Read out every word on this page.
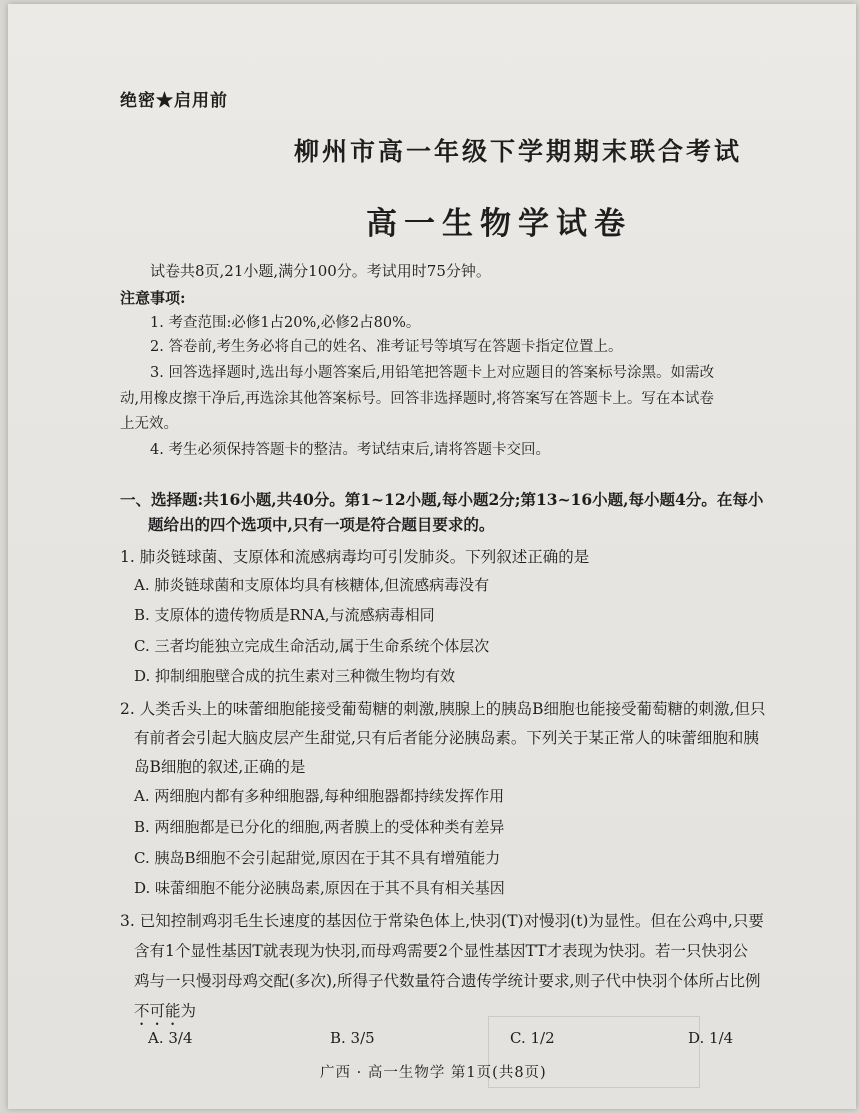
绝密★启用前
柳州市高一年级下学期期末联合考试
高一生物学试卷
试卷共8页,21小题,满分100分。考试用时75分钟。
注意事项:
1. 考查范围:必修1占20%,必修2占80%。
2. 答卷前,考生务必将自己的姓名、准考证号等填写在答题卡指定位置上。
3. 回答选择题时,选出每小题答案后,用铅笔把答题卡上对应题目的答案标号涂黑。如需改
动,用橡皮擦干净后,再选涂其他答案标号。回答非选择题时,将答案写在答题卡上。写在本试卷
上无效。
4. 考生必须保持答题卡的整洁。考试结束后,请将答题卡交回。
一、选择题:共16小题,共40分。第1~12小题,每小题2分;第13~16小题,每小题4分。在每小
题给出的四个选项中,只有一项是符合题目要求的。
1. 肺炎链球菌、支原体和流感病毒均可引发肺炎。下列叙述正确的是
A. 肺炎链球菌和支原体均具有核糖体,但流感病毒没有
B. 支原体的遗传物质是RNA,与流感病毒相同
C. 三者均能独立完成生命活动,属于生命系统个体层次
D. 抑制细胞壁合成的抗生素对三种微生物均有效
2. 人类舌头上的味蕾细胞能接受葡萄糖的刺激,胰腺上的胰岛B细胞也能接受葡萄糖的刺激,但只
有前者会引起大脑皮层产生甜觉,只有后者能分泌胰岛素。下列关于某正常人的味蕾细胞和胰
岛B细胞的叙述,正确的是
A. 两细胞内都有多种细胞器,每种细胞器都持续发挥作用
B. 两细胞都是已分化的细胞,两者膜上的受体种类有差异
C. 胰岛B细胞不会引起甜觉,原因在于其不具有增殖能力
D. 味蕾细胞不能分泌胰岛素,原因在于其不具有相关基因
3. 已知控制鸡羽毛生长速度的基因位于常染色体上,快羽(T)对慢羽(t)为显性。但在公鸡中,只要
含有1个显性基因T就表现为快羽,而母鸡需要2个显性基因TT才表现为快羽。若一只快羽公
鸡与一只慢羽母鸡交配(多次),所得子代数量符合遗传学统计要求,则子代中快羽个体所占比例
不可能为
A. 3/4	B. 3/5	C. 1/2	D. 1/4
广西 · 高一生物学 第1页(共8页)
